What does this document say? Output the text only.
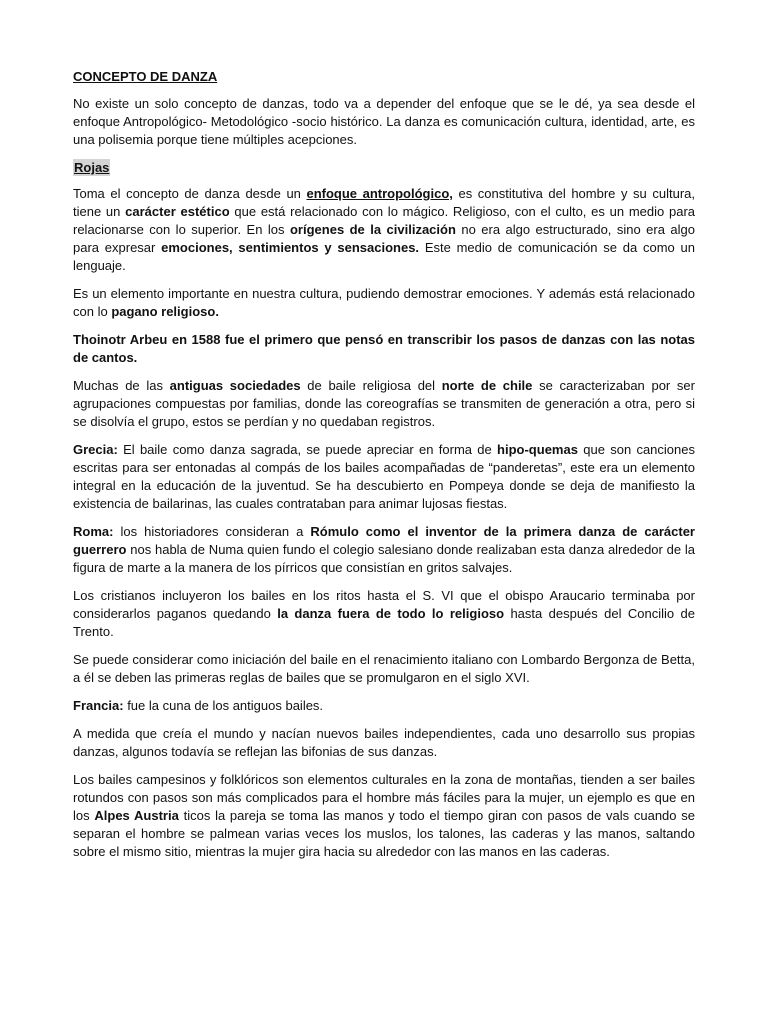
CONCEPTO DE DANZA

No existe un solo concepto de danzas, todo va a depender del enfoque que se le dé, ya sea desde el enfoque Antropológico- Metodológico -socio histórico. La danza es comunicación cultura, identidad, arte, es una polisemia porque tiene múltiples acepciones.

Rojas

Toma el concepto de danza desde un enfoque antropológico, es constitutiva del hombre y su cultura, tiene un carácter estético que está relacionado con lo mágico. Religioso, con el culto, es un medio para relacionarse con lo superior. En los orígenes de la civilización no era algo estructurado, sino era algo para expresar emociones, sentimientos y sensaciones. Este medio de comunicación se da como un lenguaje.

Es un elemento importante en nuestra cultura, pudiendo demostrar emociones. Y además está relacionado con lo pagano religioso.

Thoinotr Arbeu en 1588 fue el primero que pensó en transcribir los pasos de danzas con las notas de cantos.

Muchas de las antiguas sociedades de baile religiosa del norte de chile se caracterizaban por ser agrupaciones compuestas por familias, donde las coreografías se transmiten de generación a otra, pero si se disolvía el grupo, estos se perdían y no quedaban registros.

Grecia: El baile como danza sagrada, se puede apreciar en forma de hipo-quemas que son canciones escritas para ser entonadas al compás de los bailes acompañadas de “panderetas”, este era un elemento integral en la educación de la juventud. Se ha descubierto en Pompeya donde se deja de manifiesto la existencia de bailarinas, las cuales contrataban para animar lujosas fiestas.

Roma: los historiadores consideran a Rómulo como el inventor de la primera danza de carácter guerrero nos habla de Numa quien fundo el colegio salesiano donde realizaban esta danza alrededor de la figura de marte a la manera de los pírricos que consistían en gritos salvajes.

Los cristianos incluyeron los bailes en los ritos hasta el S. VI que el obispo Araucario terminaba por considerarlos paganos quedando la danza fuera de todo lo religioso hasta después del Concilio de Trento.

Se puede considerar como iniciación del baile en el renacimiento italiano con Lombardo Bergonza de Betta, a él se deben las primeras reglas de bailes que se promulgaron en el siglo XVI.

Francia: fue la cuna de los antiguos bailes.

A medida que creía el mundo y nacían nuevos bailes independientes, cada uno desarrollo sus propias danzas, algunos todavía se reflejan las bifonias de sus danzas.

Los bailes campesinos y folklóricos son elementos culturales en la zona de montañas, tienden a ser bailes rotundos con pasos son más complicados para el hombre más fáciles para la mujer, un ejemplo es que en los Alpes Austria ticos la pareja se toma las manos y todo el tiempo giran con pasos de vals cuando se separan el hombre se palmean varias veces los muslos, los talones, las caderas y las manos, saltando sobre el mismo sitio, mientras la mujer gira hacia su alrededor con las manos en las caderas.
